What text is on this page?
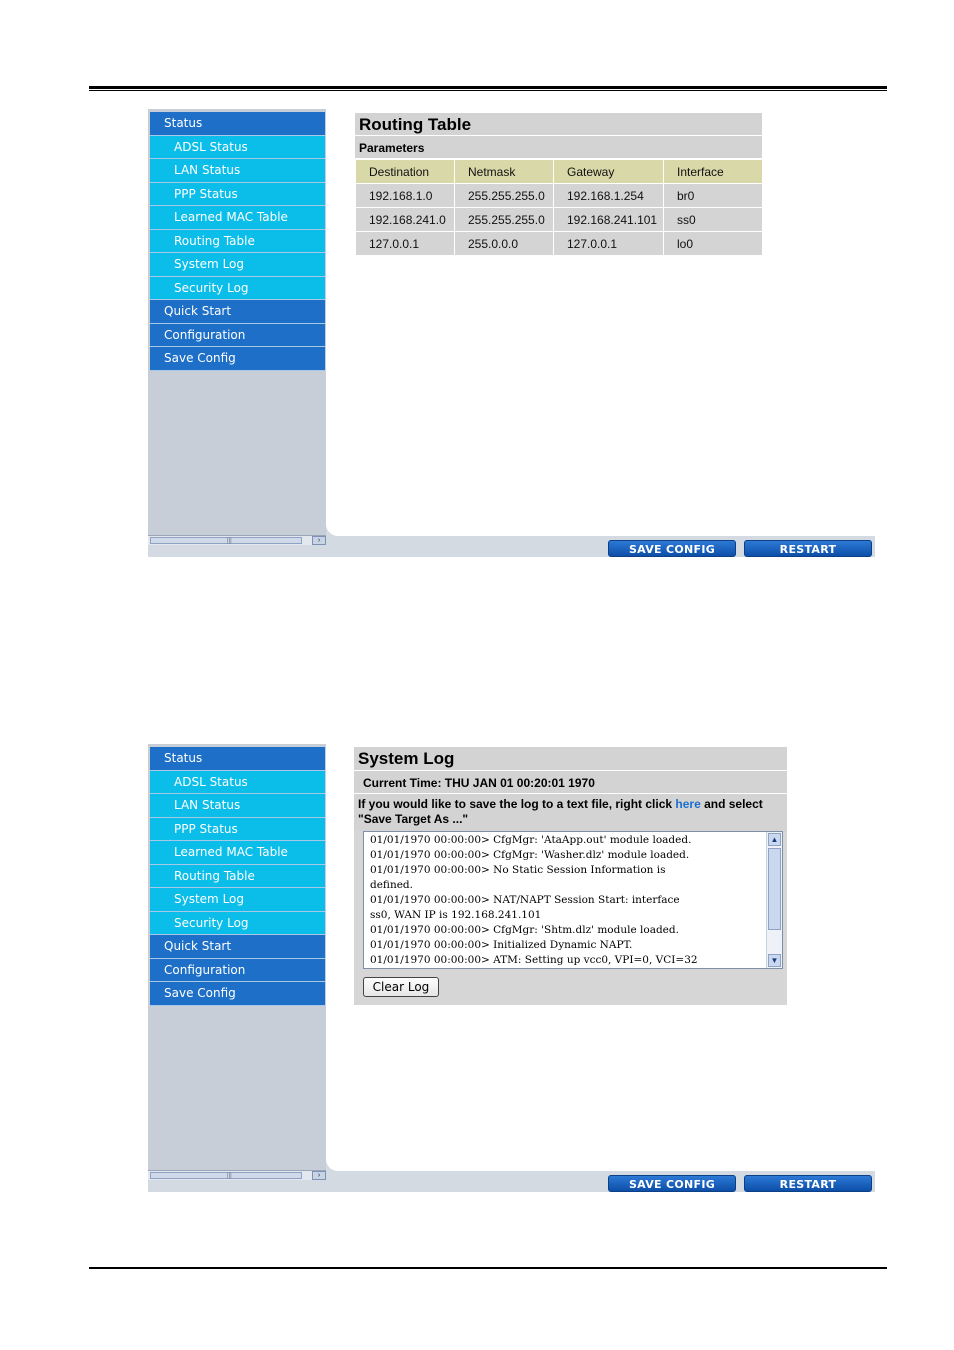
Status
ADSL Status
LAN Status
PPP Status
Learned MAC Table
Routing Table
System Log
Security Log
Quick Start
Configuration
Save Config
|||	›
Routing Table
Parameters
Destination	Netmask	Gateway	Interface
192.168.1.0	255.255.255.0	192.168.1.254	br0
192.168.241.0	255.255.255.0	192.168.241.101	ss0
127.0.0.1	255.0.0.0	127.0.0.1	lo0
SAVE CONFIG	RESTART
Status
ADSL Status
LAN Status
PPP Status
Learned MAC Table
Routing Table
System Log
Security Log
Quick Start
Configuration
Save Config
|||	›
System Log
Current Time: THU JAN 01 00:20:01 1970
If you would like to save the log to a text file, right click here and select "Save Target As ..."
01/01/1970 00:00:00> CfgMgr: 'AtaApp.out' module loaded.
01/01/1970 00:00:00> CfgMgr: 'Washer.dlz' module loaded.
01/01/1970 00:00:00> No Static Session Information is
defined.
01/01/1970 00:00:00> NAT/NAPT Session Start: interface
ss0, WAN IP is 192.168.241.101
01/01/1970 00:00:00> CfgMgr: 'Shtm.dlz' module loaded.
01/01/1970 00:00:00> Initialized Dynamic NAPT.
01/01/1970 00:00:00> ATM: Setting up vcc0, VPI=0, VCI=32
▲
▼
Clear Log
SAVE CONFIG	RESTART
